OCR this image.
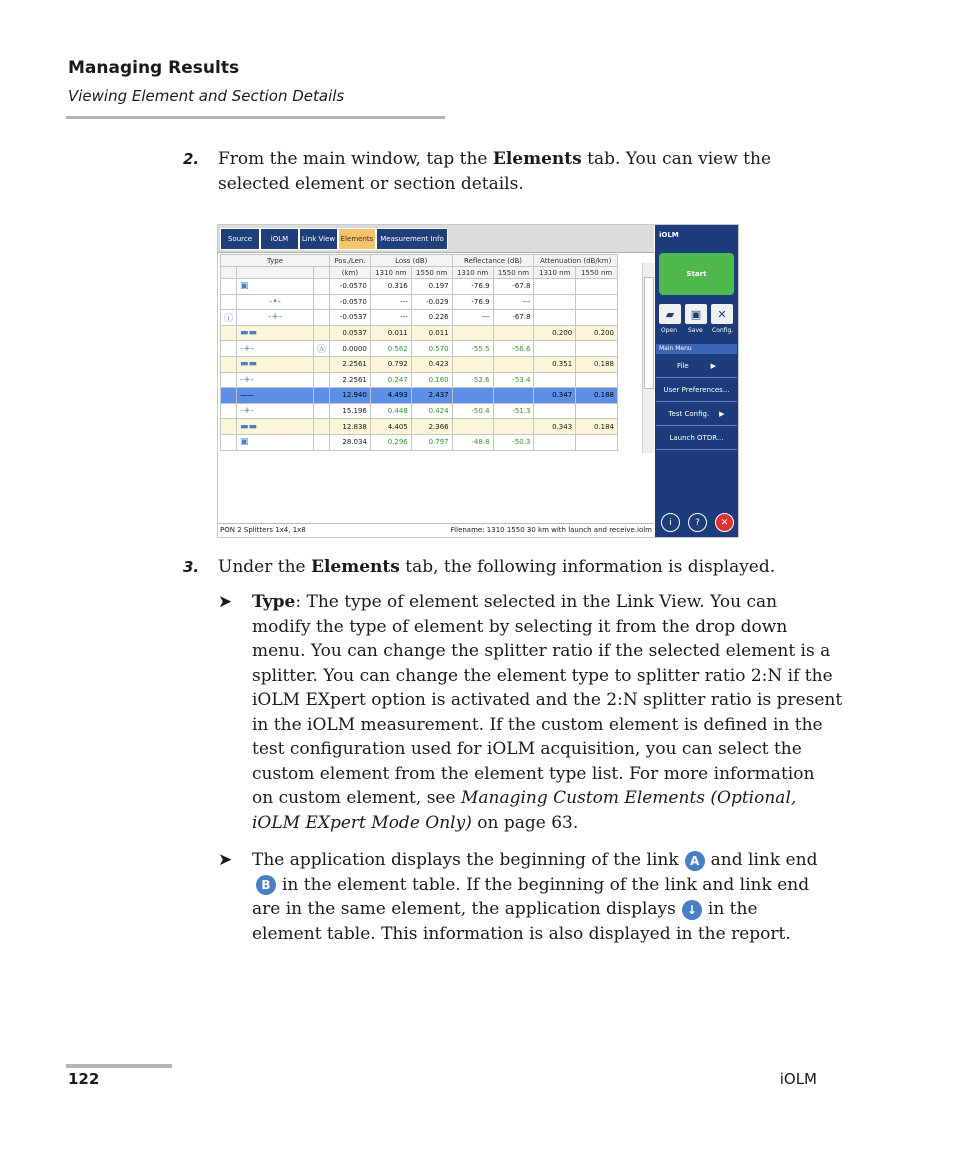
Managing Results
Viewing Element and Section Details
2. From the main window, tap the Elements tab. You can view the
selected element or section details.
Source	iOLM	Link View Elements Measurement Info
Type			Pos./Len.	Loss (dB)		Reflectance (dB)		Attenuation (dB/km)	
			(km)	1310 nm	1550 nm	1310 nm	1550 nm	1310 nm	1550 nm
	▣		-0.0570	0.316	0.197	-76.9	-67.8		
	-•-		-0.0570	---	-0.029	-76.9	---		
ⓘ	-+-		-0.0537	---	0.226	---	-67.8		
	▬▬		0.0537	0.011	0.011			0.200	0.200
	-+-	Ⓐ	0.0000	0.562	0.570	-55.5	-56.6		
	▬▬		2.2561	0.792	0.423			0.351	0.188
	-+-		2.2561	0.247	0.160	-52.6	-53.4		
	——		12.940	4.493	2.437			0.347	0.188
	-+-		15.196	0.448	0.424	-50.4	-51.3		
	▬▬		12.838	4.405	2.366			0.343	0.184
	▣		28.034	0.296	0.797	-48.8	-50.3		
PON 2 Splitters 1x4, 1x8	Filename: 1310 1550 30 km with launch and receive.iolm
iOLM
Start
▰	▣	✕
Open Save Config.
Main Menu
File	▶
User Preferences...
Test Config. ▶
Launch OTDR...
i	?	✕
3. Under the Elements tab, the following information is displayed.
➤ Type: The type of element selected in the Link View. You can
modify the type of element by selecting it from the drop down
menu. You can change the splitter ratio if the selected element is a
splitter. You can change the element type to splitter ratio 2:N if the
iOLM EXpert option is activated and the 2:N splitter ratio is present
in the iOLM measurement. If the custom element is defined in the
test configuration used for iOLM acquisition, you can select the
custom element from the element type list. For more information
on custom element, see Managing Custom Elements (Optional,
iOLM EXpert Mode Only) on page 63.
➤ The application displays the beginning of the link A and link end
B in the element table. If the beginning of the link and link end
are in the same element, the application displays ↓ in the
element table. This information is also displayed in the report.
122	iOLM
